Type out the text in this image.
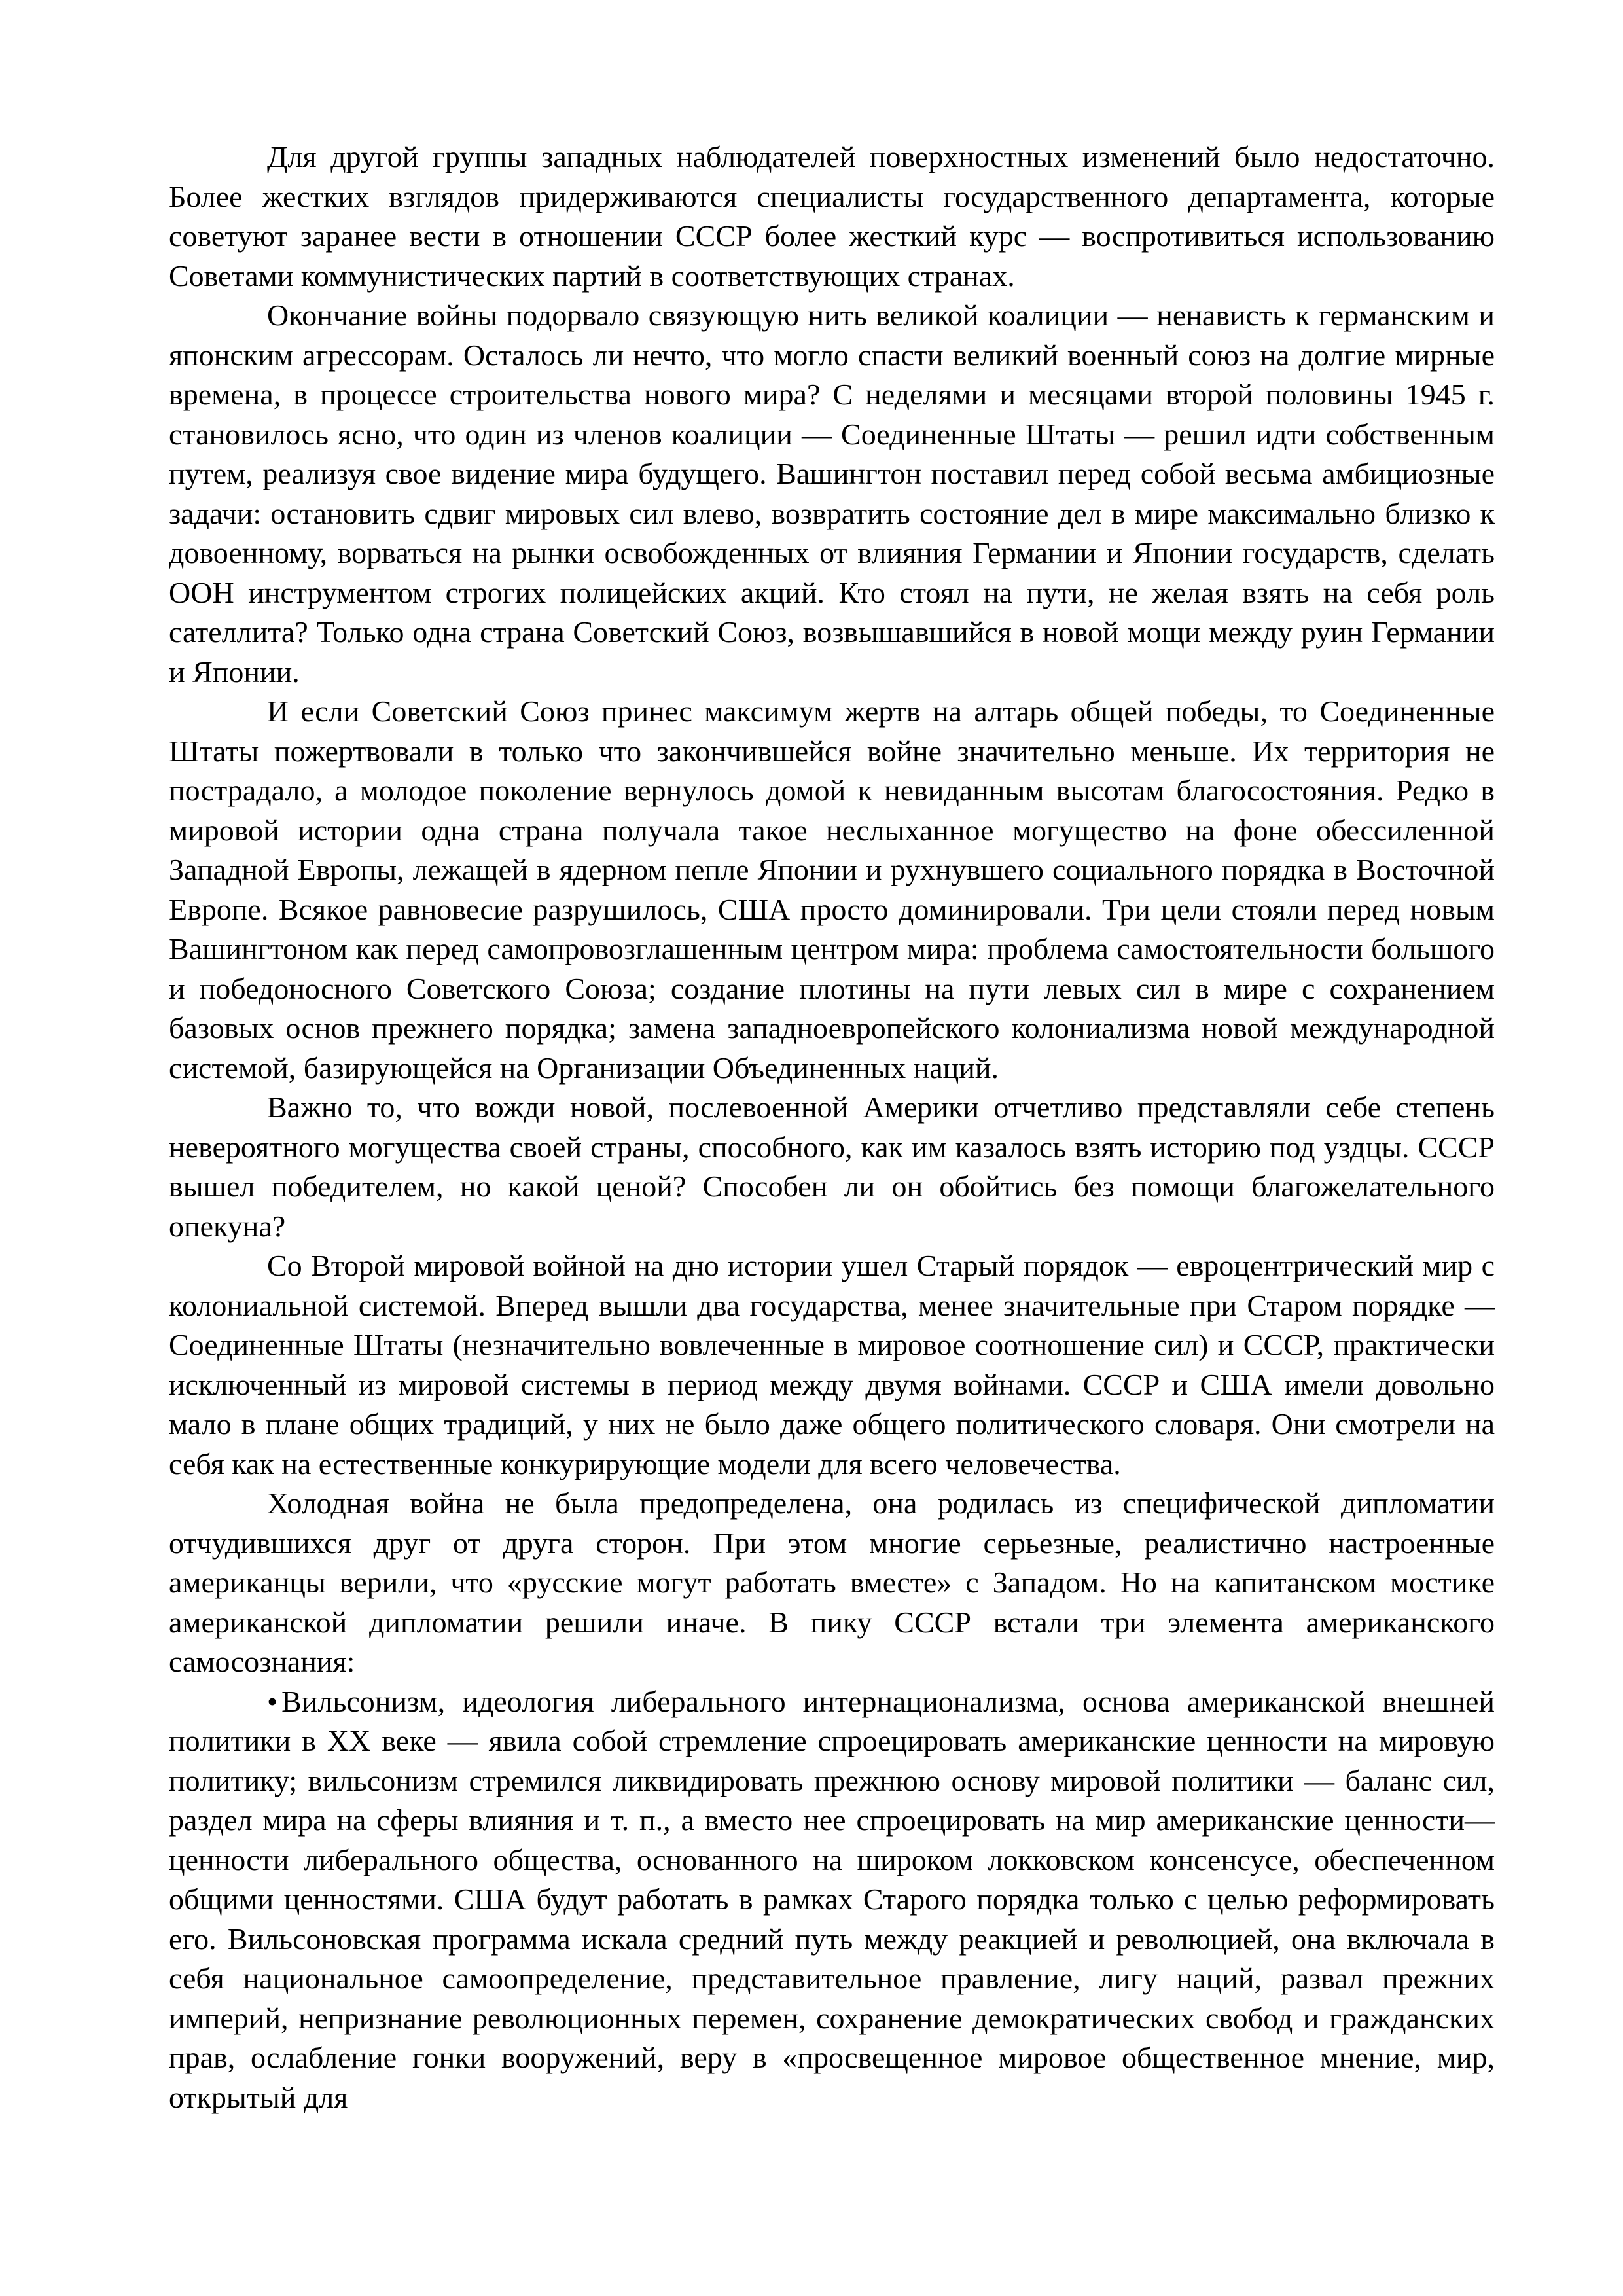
Для другой группы западных наблюдателей поверхностных изменений было недостаточно. Более жестких взглядов придерживаются специалисты государственного департамента, которые советуют заранее вести в отношении СССР более жесткий курс — воспротивиться использованию Советами коммунистических партий в соответствующих странах.

Окончание войны подорвало связующую нить великой коалиции — ненависть к германским и японским агрессорам. Осталось ли нечто, что могло спасти великий военный союз на долгие мирные времена, в процессе строительства нового мира? С неделями и месяцами второй половины 1945 г. становилось ясно, что один из членов коалиции — Соединенные Штаты — решил идти собственным путем, реализуя свое видение мира будущего. Вашингтон поставил перед собой весьма амбициозные задачи: остановить сдвиг мировых сил влево, возвратить состояние дел в мире максимально близко к довоенному, ворваться на рынки освобожденных от влияния Германии и Японии государств, сделать ООН инструментом строгих полицейских акций. Кто стоял на пути, не желая взять на себя роль сателлита? Только одна страна Советский Союз, возвышавшийся в новой мощи между руин Германии и Японии.

И если Советский Союз принес максимум жертв на алтарь общей победы, то Соединенные Штаты пожертвовали в только что закончившейся войне значительно меньше. Их территория не пострадало, а молодое поколение вернулось домой к невиданным высотам благосостояния. Редко в мировой истории одна страна получала такое неслыханное могущество на фоне обессиленной Западной Европы, лежащей в ядерном пепле Японии и рухнувшего социального порядка в Восточной Европе. Всякое равновесие разрушилось, США просто доминировали. Три цели стояли перед новым Вашингтоном как перед самопровозглашенным центром мира: проблема самостоятельности большого и победоносного Советского Союза; создание плотины на пути левых сил в мире с сохранением базовых основ прежнего порядка; замена западноевропейского колониализма новой международной системой, базирующейся на Организации Объединенных наций.

Важно то, что вожди новой, послевоенной Америки отчетливо представляли себе степень невероятного могущества своей страны, способного, как им казалось взять историю под уздцы. СССР вышел победителем, но какой ценой? Способен ли он обойтись без помощи благожелательного опекуна?

Со Второй мировой войной на дно истории ушел Старый порядок — евроцентрический мир с колониальной системой. Вперед вышли два государства, менее значительные при Старом порядке — Соединенные Штаты (незначительно вовлеченные в мировое соотношение сил) и СССР, практически исключенный из мировой системы в период между двумя войнами. СССР и США имели довольно мало в плане общих традиций, у них не было даже общего политического словаря. Они смотрели на себя как на естественные конкурирующие модели для всего человечества.

Холодная война не была предопределена, она родилась из специфической дипломатии отчудившихся друг от друга сторон. При этом многие серьезные, реалистично настроенные американцы верили, что «русские могут работать вместе» с Западом. Но на капитанском мостике американской дипломатии решили иначе. В пику СССР встали три элемента американского самосознания:

• Вильсонизм, идеология либерального интернационализма, основа американской внешней политики в XX веке — явила собой стремление спроецировать американские ценности на мировую политику; вильсонизм стремился ликвидировать прежнюю основу мировой политики — баланс сил, раздел мира на сферы влияния и т. п., а вместо нее спроецировать на мир американские ценности— ценности либерального общества, основанного на широком локковском консенсусе, обеспеченном общими ценностями. США будут работать в рамках Старого порядка только с целью реформировать его. Вильсоновская программа искала средний путь между реакцией и революцией, она включала в себя национальное самоопределение, представительное правление, лигу наций, развал прежних империй, непризнание революционных перемен, сохранение демократических свобод и гражданских прав, ослабление гонки вооружений, веру в «просвещенное мировое общественное мнение, мир, открытый для
